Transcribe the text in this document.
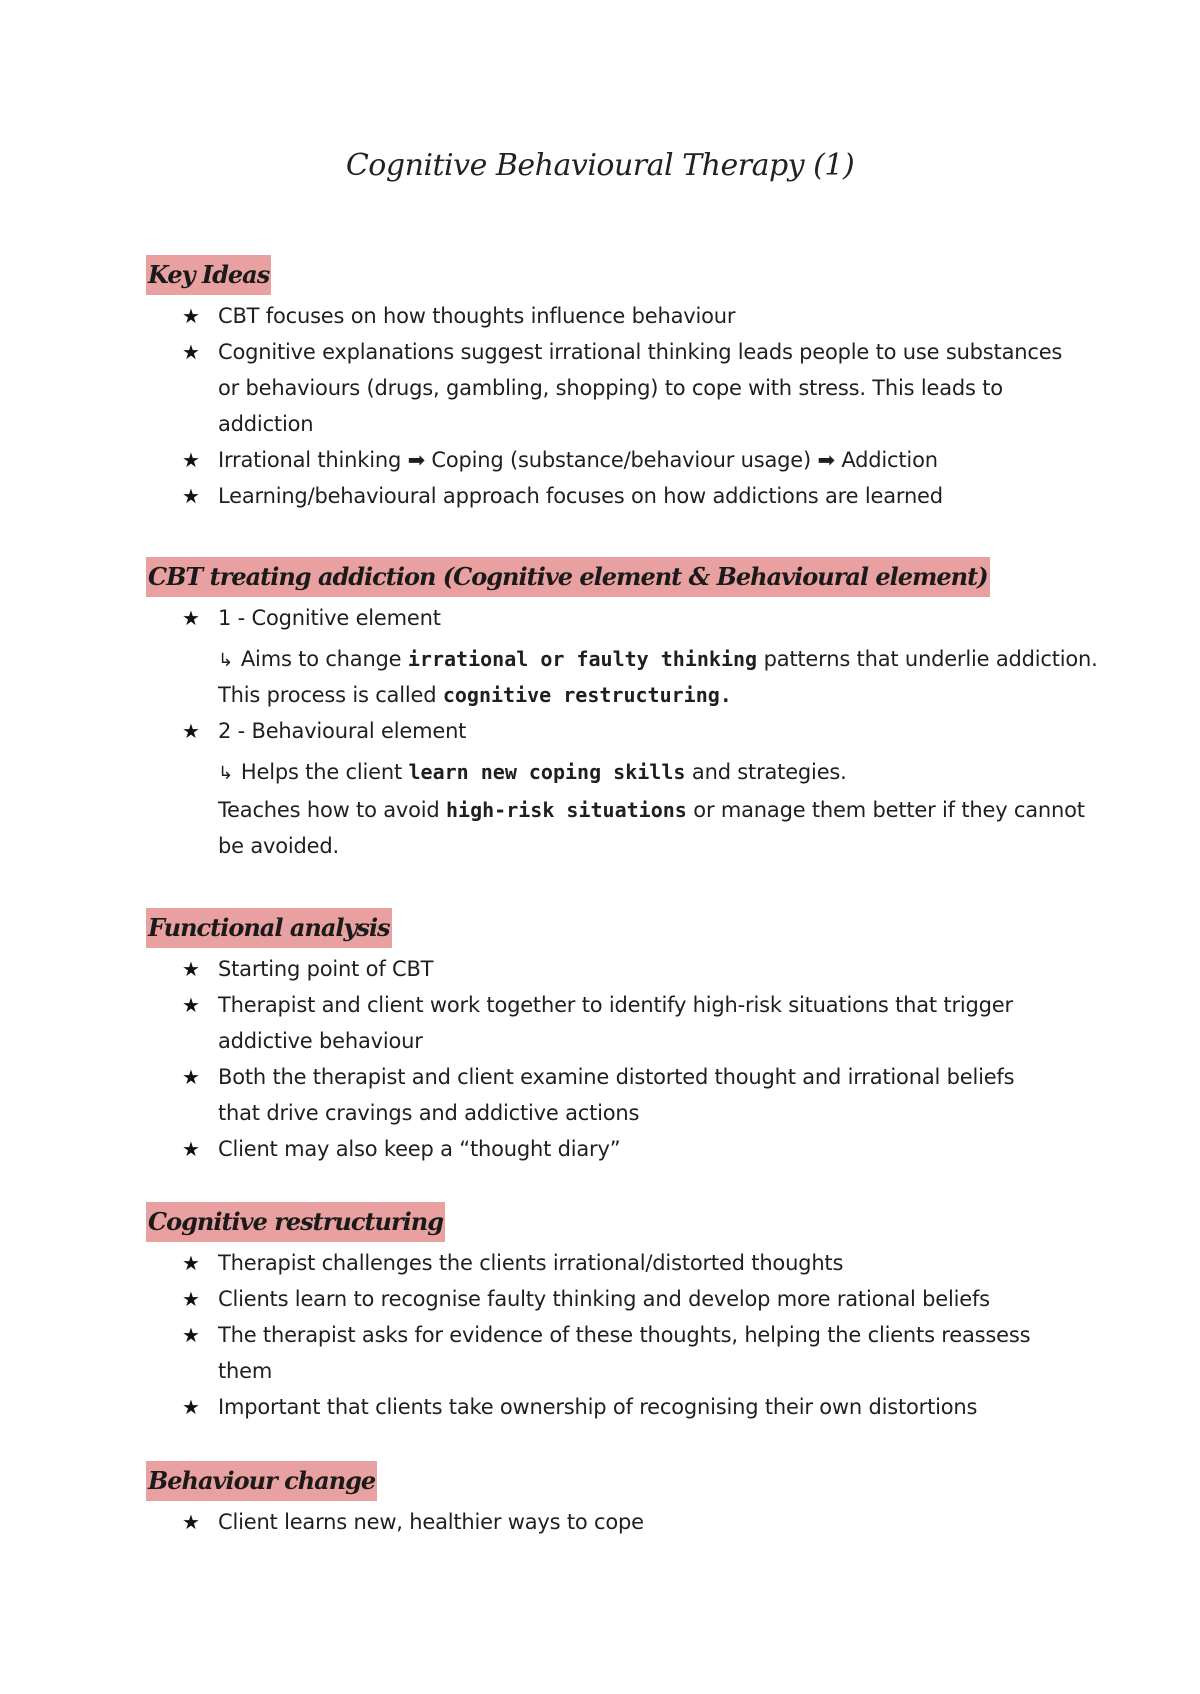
Cognitive Behavioural Therapy (1)
Key Ideas
★ CBT focuses on how thoughts influence behaviour
★ Cognitive explanations suggest irrational thinking leads people to use substances
or behaviours (drugs, gambling, shopping) to cope with stress. This leads to
addiction
★ Irrational thinking ➡ Coping (substance/behaviour usage) ➡ Addiction
★ Learning/behavioural approach focuses on how addictions are learned
CBT treating addiction (Cognitive element & Behavioural element)
★ 1 - Cognitive element
↳ Aims to change irrational or faulty thinking patterns that underlie addiction.
This process is called cognitive restructuring.
★ 2 - Behavioural element
↳ Helps the client learn new coping skills and strategies.
Teaches how to avoid high-risk situations or manage them better if they cannot
be avoided.
Functional analysis
★ Starting point of CBT
★ Therapist and client work together to identify high-risk situations that trigger
addictive behaviour
★ Both the therapist and client examine distorted thought and irrational beliefs
that drive cravings and addictive actions
★ Client may also keep a “thought diary”
Cognitive restructuring
★ Therapist challenges the clients irrational/distorted thoughts
★ Clients learn to recognise faulty thinking and develop more rational beliefs
★ The therapist asks for evidence of these thoughts, helping the clients reassess
them
★ Important that clients take ownership of recognising their own distortions
Behaviour change
★ Client learns new, healthier ways to cope
